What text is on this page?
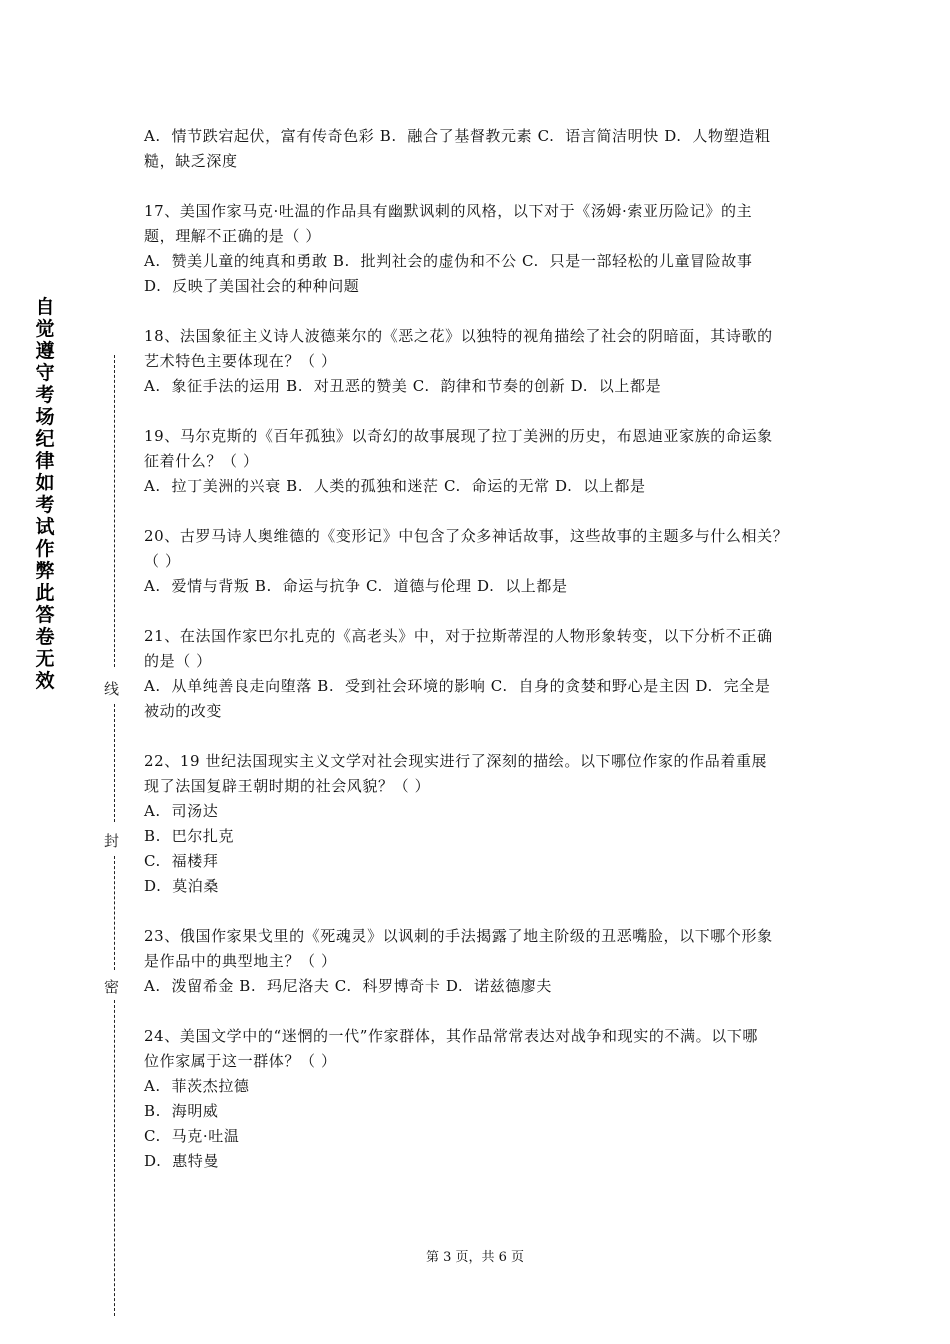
自觉遵守考场纪律如考试作弊此答卷无效	线
封
密
A.  情节跌宕起伏，富有传奇色彩 B.  融合了基督教元素 C.  语言简洁明快 D.  人物塑造粗
糙，缺乏深度
17、美国作家马克·吐温的作品具有幽默讽刺的风格，以下对于《汤姆·索亚历险记》的主
题，理解不正确的是（ ）
A.  赞美儿童的纯真和勇敢 B.  批判社会的虚伪和不公 C.  只是一部轻松的儿童冒险故事
D.  反映了美国社会的种种问题
18、法国象征主义诗人波德莱尔的《恶之花》以独特的视角描绘了社会的阴暗面，其诗歌的
艺术特色主要体现在？（ ）
A.  象征手法的运用 B.  对丑恶的赞美 C.  韵律和节奏的创新 D.  以上都是
19、马尔克斯的《百年孤独》以奇幻的故事展现了拉丁美洲的历史，布恩迪亚家族的命运象
征着什么？（ ）
A.  拉丁美洲的兴衰 B.  人类的孤独和迷茫 C.  命运的无常 D.  以上都是
20、古罗马诗人奥维德的《变形记》中包含了众多神话故事，这些故事的主题多与什么相关？
（ ）
A.  爱情与背叛 B.  命运与抗争 C.  道德与伦理 D.  以上都是
21、在法国作家巴尔扎克的《高老头》中，对于拉斯蒂涅的人物形象转变，以下分析不正确
的是（ ）
A.  从单纯善良走向堕落 B.  受到社会环境的影响 C.  自身的贪婪和野心是主因 D.  完全是
被动的改变
22、19 世纪法国现实主义文学对社会现实进行了深刻的描绘。以下哪位作家的作品着重展
现了法国复辟王朝时期的社会风貌？（ ）
A.  司汤达
B.  巴尔扎克
C.  福楼拜
D.  莫泊桑
23、俄国作家果戈里的《死魂灵》以讽刺的手法揭露了地主阶级的丑恶嘴脸，以下哪个形象
是作品中的典型地主？（ ）
A.  泼留希金 B.  玛尼洛夫 C.  科罗博奇卡 D.  诺兹德廖夫
24、美国文学中的“迷惘的一代”作家群体，其作品常常表达对战争和现实的不满。以下哪
位作家属于这一群体？（ ）
A.  菲茨杰拉德
B.  海明威
C.  马克·吐温
D.  惠特曼
第 3 页，共 6 页
